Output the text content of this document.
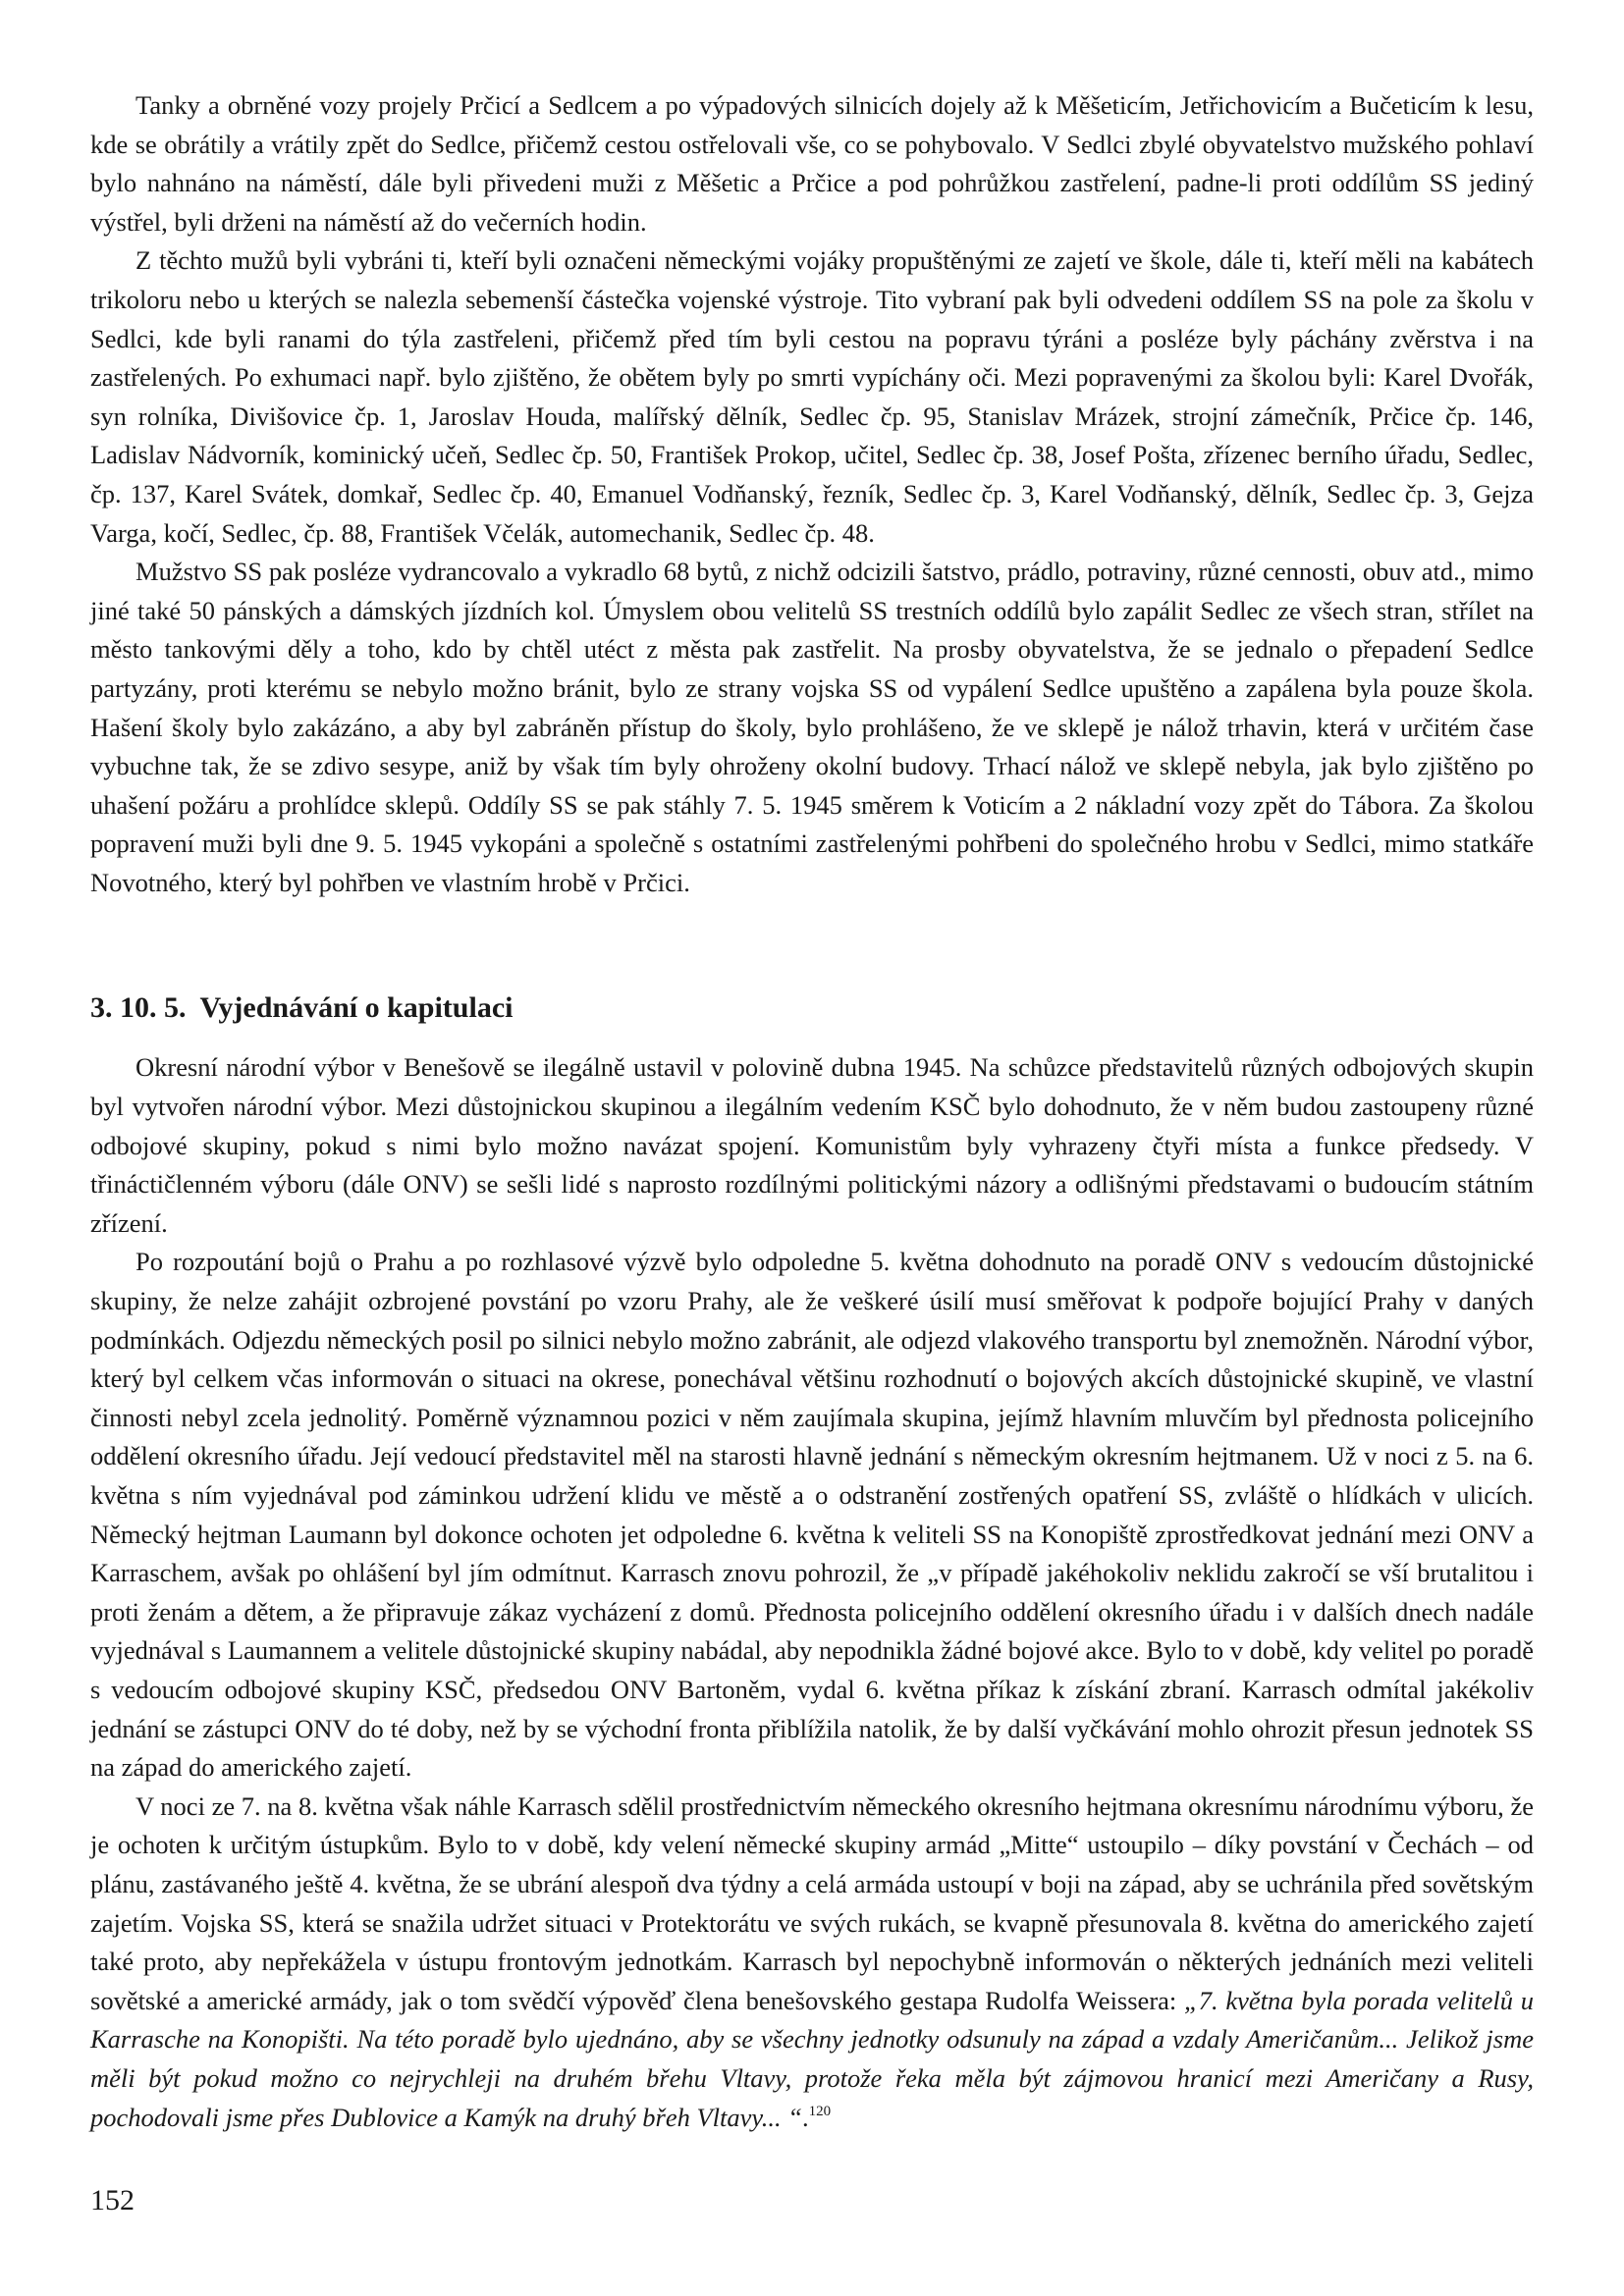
Tanky a obrněné vozy projely Prčicí a Sedlcem a po výpadových silnicích dojely až k Měšeticím, Jetřichovicím a Bučeticím k lesu, kde se obrátily a vrátily zpět do Sedlce, přičemž cestou ostřelovali vše, co se pohybovalo. V Sedlci zbylé obyvatelstvo mužského pohlaví bylo nahnáno na náměstí, dále byli přivedeni muži z Měšetic a Prčice a pod pohrůžkou zastřelení, padne-li proti oddílům SS jediný výstřel, byli drženi na náměstí až do večerních hodin.

Z těchto mužů byli vybráni ti, kteří byli označeni německými vojáky propuštěnými ze zajetí ve škole, dále ti, kteří měli na kabátech trikoloru nebo u kterých se nalezla sebemenší částečka vojenské výstroje. Tito vybraní pak byli odvedeni oddílem SS na pole za školu v Sedlci, kde byli ranami do týla zastřeleni, přičemž před tím byli cestou na popravu týráni a posléze byly páchány zvěrstva i na zastřelených. Po exhumaci např. bylo zjištěno, že obětem byly po smrti vypíchány oči. Mezi popravenými za školou byli: Karel Dvořák, syn rolníka, Divišovice čp. 1, Jaroslav Houda, malířský dělník, Sedlec čp. 95, Stanislav Mrázek, strojní zámečník, Prčice čp. 146, Ladislav Nádvorník, kominický učeň, Sedlec čp. 50, František Prokop, učitel, Sedlec čp. 38, Josef Pošta, zřízenec berního úřadu, Sedlec, čp. 137, Karel Svátek, domkař, Sedlec čp. 40, Emanuel Vodňanský, řezník, Sedlec čp. 3, Karel Vodňanský, dělník, Sedlec čp. 3, Gejza Varga, kočí, Sedlec, čp. 88, František Včelák, automechanik, Sedlec čp. 48.

Mužstvo SS pak posléze vydrancovalo a vykradlo 68 bytů, z nichž odcizili šatstvo, prádlo, potraviny, různé cennosti, obuv atd., mimo jiné také 50 pánských a dámských jízdních kol. Úmyslem obou velitelů SS trestních oddílů bylo zapálit Sedlec ze všech stran, střílet na město tankovými děly a toho, kdo by chtěl utéct z města pak zastřelit. Na prosby obyvatelstva, že se jednalo o přepadení Sedlce partyzány, proti kterému se nebylo možno bránit, bylo ze strany vojska SS od vypálení Sedlce upuštěno a zapálena byla pouze škola. Hašení školy bylo zakázáno, a aby byl zabráněn přístup do školy, bylo prohlášeno, že ve sklepě je nálož trhavin, která v určitém čase vybuchne tak, že se zdivo sesype, aniž by však tím byly ohroženy okolní budovy. Trhací nálož ve sklepě nebyla, jak bylo zjištěno po uhašení požáru a prohlídce sklepů. Oddíly SS se pak stáhly 7. 5. 1945 směrem k Voticím a 2 nákladní vozy zpět do Tábora. Za školou popravení muži byli dne 9. 5. 1945 vykopáni a společně s ostatními zastřelenými pohřbeni do společného hrobu v Sedlci, mimo statkáře Novotného, který byl pohřben ve vlastním hrobě v Prčici.

3. 10. 5. Vyjednávání o kapitulaci

Okresní národní výbor v Benešově se ilegálně ustavil v polovině dubna 1945. Na schůzce představitelů různých odbojových skupin byl vytvořen národní výbor. Mezi důstojnickou skupinou a ilegálním vedením KSČ bylo dohodnuto, že v něm budou zastoupeny různé odbojové skupiny, pokud s nimi bylo možno navázat spojení. Komunistům byly vyhrazeny čtyři místa a funkce předsedy. V třináctičlenném výboru (dále ONV) se sešli lidé s naprosto rozdílnými politickými názory a odlišnými představami o budoucím státním zřízení.

Po rozpoutání bojů o Prahu a po rozhlasové výzvě bylo odpoledne 5. května dohodnuto na poradě ONV s vedoucím důstojnické skupiny, že nelze zahájit ozbrojené povstání po vzoru Prahy, ale že veškeré úsilí musí směřovat k podpoře bojující Prahy v daných podmínkách. Odjezdu německých posil po silnici nebylo možno zabránit, ale odjezd vlakového transportu byl znemožněn. Národní výbor, který byl celkem včas informován o situaci na okrese, ponechával většinu rozhodnutí o bojových akcích důstojnické skupině, ve vlastní činnosti nebyl zcela jednolitý. Poměrně významnou pozici v něm zaujímala skupina, jejímž hlavním mluvčím byl přednosta policejního oddělení okresního úřadu. Její vedoucí představitel měl na starosti hlavně jednání s německým okresním hejtmanem. Už v noci z 5. na 6. května s ním vyjednával pod záminkou udržení klidu ve městě a o odstranění zostřených opatření SS, zvláště o hlídkách v ulicích. Německý hejtman Laumann byl dokonce ochoten jet odpoledne 6. května k veliteli SS na Konopiště zprostředkovat jednání mezi ONV a Karraschem, avšak po ohlášení byl jím odmítnut. Karrasch znovu pohrozil, že „v případě jakéhokoliv neklidu zakročí se vší brutalitou i proti ženám a dětem, a že připravuje zákaz vycházení z domů. Přednosta policejního oddělení okresního úřadu i v dalších dnech nadále vyjednával s Laumannem a velitele důstojnické skupiny nabádal, aby nepodnikla žádné bojové akce. Bylo to v době, kdy velitel po poradě s vedoucím odbojové skupiny KSČ, předsedou ONV Bartoněm, vydal 6. května příkaz k získání zbraní. Karrasch odmítal jakékoliv jednání se zástupci ONV do té doby, než by se východní fronta přiblížila natolik, že by další vyčkávání mohlo ohrozit přesun jednotek SS na západ do amerického zajetí.

V noci ze 7. na 8. května však náhle Karrasch sdělil prostřednictvím německého okresního hejtmana okresnímu národnímu výboru, že je ochoten k určitým ústupkům. Bylo to v době, kdy velení německé skupiny armád „Mitte“ ustoupilo – díky povstání v Čechách – od plánu, zastávaného ještě 4. května, že se ubrání alespoň dva týdny a celá armáda ustoupí v boji na západ, aby se uchránila před sovětským zajetím. Vojska SS, která se snažila udržet situaci v Protektorátu ve svých rukách, se kvapně přesunovala 8. května do amerického zajetí také proto, aby nepřekážela v ústupu frontovým jednotkám. Karrasch byl nepochybně informován o některých jednáních mezi veliteli sovětské a americké armády, jak o tom svědčí výpověď člena benešovského gestapa Rudolfa Weissera: „7. května byla porada velitelů u Karrasche na Konopišti. Na této poradě bylo ujednáno, aby se všechny jednotky odsunuly na západ a vzdaly Američanům... Jelikož jsme měli být pokud možno co nejrychleji na druhém břehu Vltavy, protože řeka měla být zájmovou hranicí mezi Američany a Rusy, pochodovali jsme přes Dublovice a Kamýk na druhý břeh Vltavy... “.$^{120}$

152
